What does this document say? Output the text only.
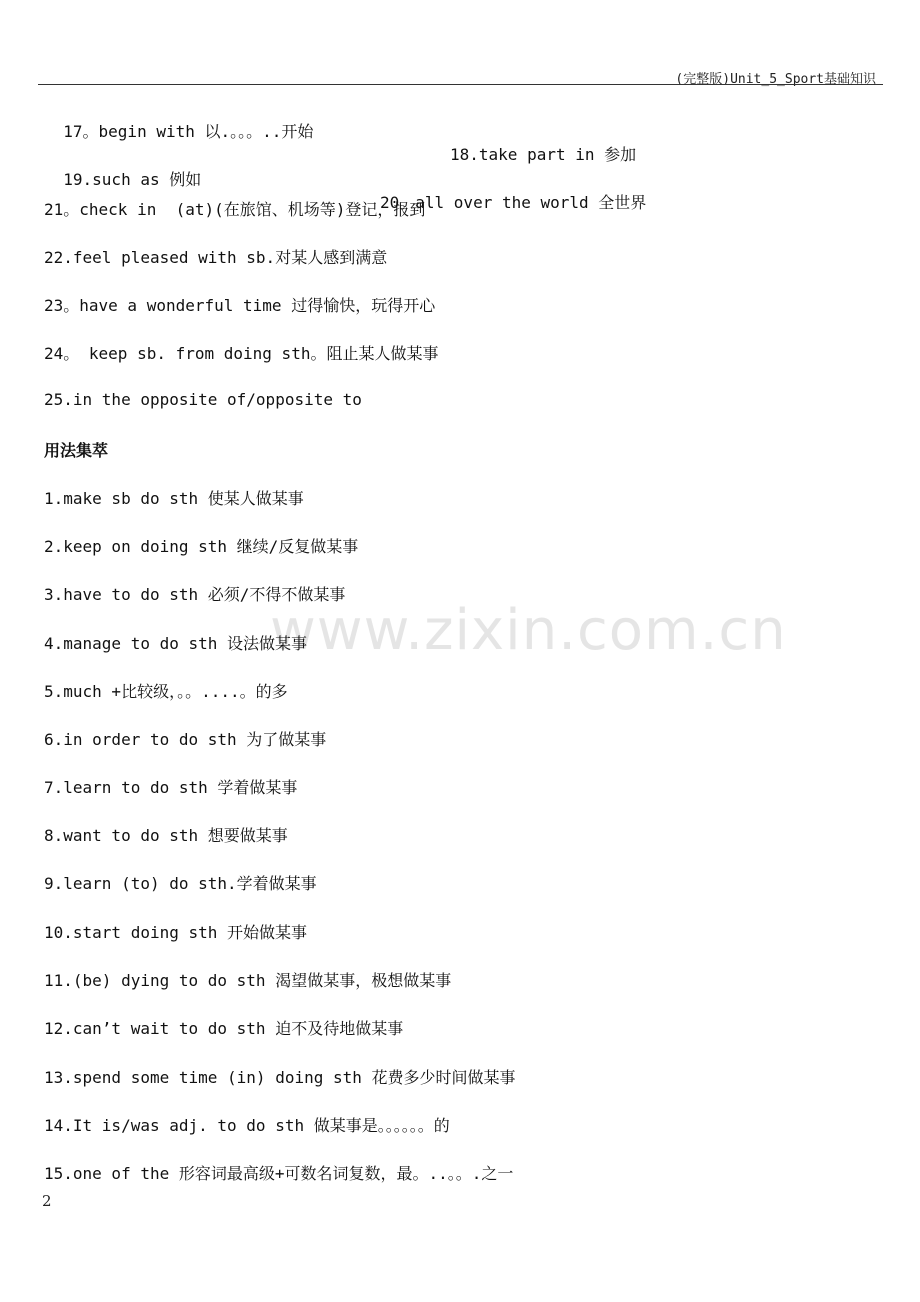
(完整版)Unit_5_Sport基础知识
www.zixin.com.cn

17。begin with 以.。。。..开始

18.take part in 参加

19.such as 例如

20。all over the world 全世界

21。check in  (at)(在旅馆、机场等)登记，报到
22.feel pleased with sb.对某人感到满意
23。have a wonderful time 过得愉快，玩得开心
24。 keep sb. from doing sth。阻止某人做某事
25.in the opposite of/opposite to
用法集萃
1.make sb do sth 使某人做某事
2.keep on doing sth 继续/反复做某事
3.have to do sth 必须/不得不做某事
4.manage to do sth 设法做某事
5.much +比较级，。。....。的多
6.in order to do sth 为了做某事
7.learn to do sth 学着做某事
8.want to do sth 想要做某事
9.learn (to) do sth.学着做某事
10.start doing sth 开始做某事
11.(be) dying to do sth 渴望做某事，极想做某事
12.can’t wait to do sth 迫不及待地做某事
13.spend some time (in) doing sth 花费多少时间做某事
14.It is/was adj. to do sth 做某事是。。。。。。的
15.one of the 形容词最高级+可数名词复数，最。..。。.之一
2
